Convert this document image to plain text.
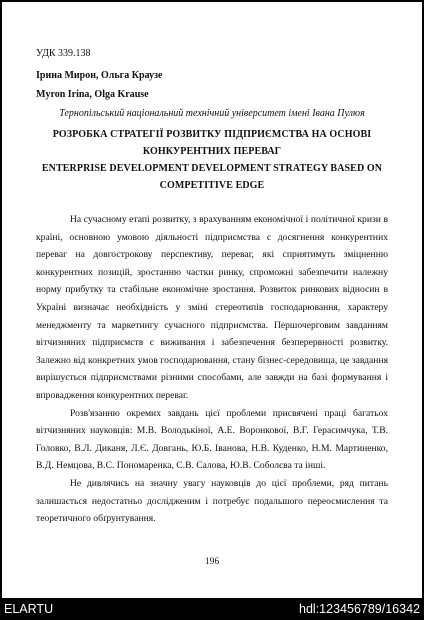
УДК 339.138

Ірина Мирон, Ольга Краузе

Myron Irina, Olga Krause

Тернопільський національний технічний університет імені Івана Пулюя

РОЗРОБКА СТРАТЕГІЇ РОЗВИТКУ ПІДПРИЄМСТВА НА ОСНОВІ КОНКУРЕНТНИХ ПЕРЕВАГ

ENTERPRISE DEVELOPMENT DEVELOPMENT STRATEGY BASED ON COMPETITIVE EDGE

На сучасному етапі розвитку, з врахуванням економічної і політичної кризи в країні, основною умовою діяльності підприємства є досягнення конкурентних переваг на довгострокову перспективу, переваг, які сприятимуть зміцненню конкурентних позицій, зростанню частки ринку, спроможні забезпечити належну норму прибутку та стабільне економічне зростання. Розвиток ринкових відносин в Україні визначає необхідність у зміні стереотипів господарювання, характеру менеджменту та маркетингу сучасного підприємства. Першочерговим завданням вітчизняних підприємств є виживання і забезпечення безперервності розвитку. Залежно від конкретних умов господарювання, стану бізнес-середовища, це завдання вирішується підприємствами різними способами, але завжди на базі формування і впровадження конкурентних переваг.

Розв'язанню окремих завдань цієї проблеми присвячені праці багатьох вітчизняних науковців: М.В. Володькіної, А.Е. Воронкової, В.Г. Герасимчука, Т.В. Головко, В.Л. Диканя, Л.Є. Довгань, Ю.Б. Іванова, Н.В. Куденко, Н.М. Мартиненко, В.Д. Немцова, В.С. Пономаренка, С.В. Салова, Ю.В. Соболєва та інші.

Не дивлячись на значну увагу науковців до цієї проблеми, ряд питань залишається недостатньо дослідженим і потребує подальшого переосмислення та теоретичного обґрунтування.

196
ELARTU	hdl:123456789/16342
